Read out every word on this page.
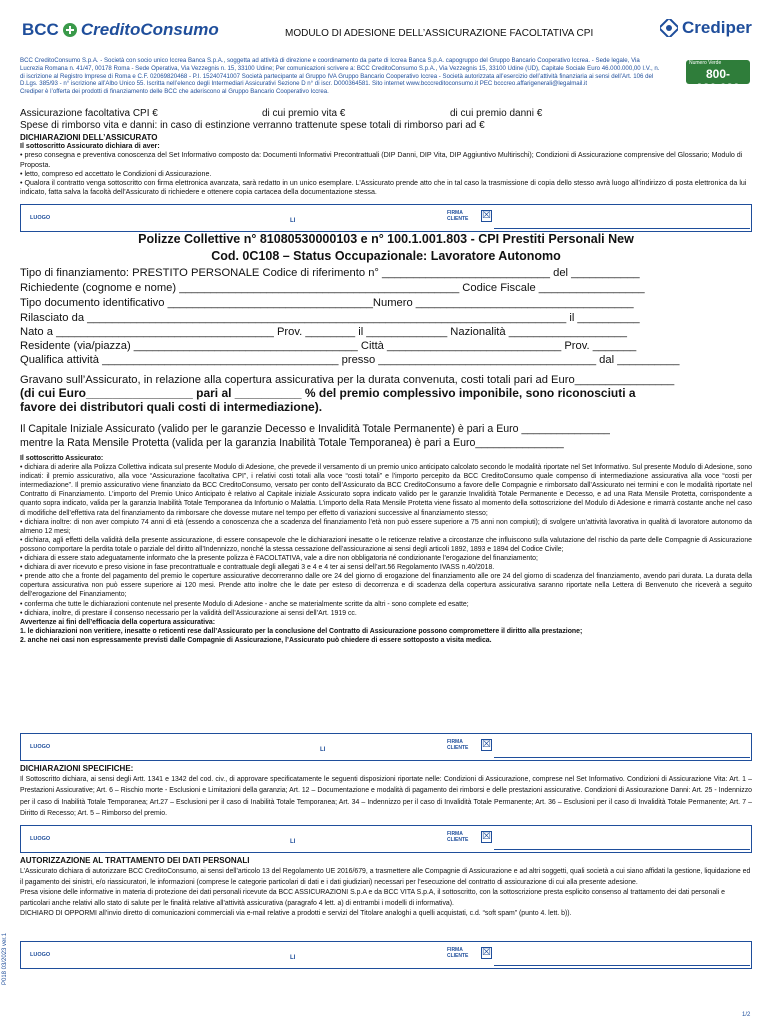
BCC CreditoConsumo	MODULO DI ADESIONE DELL’ASSICURAZIONE FACOLTATIVA CPI	Crediper
Numero Verde
800-990.620
BCC CreditoConsumo S.p.A. - Società con socio unico Iccrea Banca S.p.A., soggetta ad attività di direzione e coordinamento da parte di Iccrea Banca S.p.A. capogruppo del Gruppo Bancario Cooperativo Iccrea. - Sede legale, Via Lucrezia Romana n. 41/47, 00178 Roma - Sede Operativa, Via Vezzegnis n. 15, 33100 Udine; Per comunicazioni scrivere a: BCC CreditoConsumo S.p.A., Via Vezzegnis 15, 33100 Udine (UD), Capitale Sociale Euro 46.000.000,00 I.V., n. di iscrizione al Registro Imprese di Roma e C.F. 02069820468 - P.I. 15240741007 Società partecipante al Gruppo IVA Gruppo Bancario Cooperativo Iccrea - Società autorizzata all’esercizio dell’attività finanziaria ai sensi dell’Art. 106 del D.Lgs. 385/93 - n° iscrizione all’Albo Unico 55. Iscritta nell’elenco degli Intermediari Assicurativi Sezione D n° di iscr. D000364581. Sito internet www.bcccreditoconsumo.it PEC bcccreo.affarigenerali@legalmail.it
Crediper è l’offerta dei prodotti di finanziamento delle BCC che aderiscono al Gruppo Bancario Cooperativo Iccrea.
Assicurazione facoltativa CPI €	di cui premio vita €	di cui premio danni €
Spese di rimborso vita e danni: in caso di estinzione verranno trattenute spese totali di rimborso pari ad €
DICHIARAZIONI DELL’ASSICURATO
Il sottoscritto Assicurato dichiara di aver:
• preso consegna e preventiva conoscenza del Set Informativo composto da: Documenti Informativi Precontrattuali (DIP Danni, DIP Vita, DIP Aggiuntivo Multirischi); Condizioni di Assicurazione comprensive del Glossario; Modulo di Proposta.
• letto, compreso ed accettato le Condizioni di Assicurazione.
• Qualora il contratto venga sottoscritto con firma elettronica avanzata, sarà redatto in un unico esemplare. L’Assicurato prende atto che in tal caso la trasmissione di copia dello stesso avrà luogo all’indirizzo di posta elettronica da lui indicato, fatta salva la facoltà dell’Assicurato di richiedere e ottenere copia cartacea della documentazione stessa.
LUOGO	LI
FIRMA
CLIENTE ☒
Polizze Collettive n° 81080530000103 e n° 100.1.001.803 - CPI Prestiti Personali New
Cod. 0C108 – Status Occupazionale: Lavoratore Autonomo
Tipo di finanziamento: PRESTITO PERSONALE Codice di riferimento n° ___________________________ del ___________
Richiedente (cognome e nome) _____________________________________________ Codice Fiscale _________________
Tipo documento identificativo _________________________________Numero ___________________________________
Rilasciato da _____________________________________________________________________________ il __________
Nato a ___________________________________ Prov. ________ il _____________ Nazionalità ___________________
Residente (via/piazza) ____________________________________ Città ____________________________ Prov. _______
Qualifica attività ______________________________________ presso ___________________________________ dal __________
Gravano sull’Assicurato, in relazione alla copertura assicurativa per la durata convenuta, costi totali pari ad Euro________________
(di cui Euro________________ pari al __________ % del premio complessivo imponibile, sono riconosciuti a
favore dei distributori quali costi di intermediazione).
Il Capitale Iniziale Assicurato (valido per le garanzie Decesso e Invalidità Totale Permanente) è pari a Euro _______________
mentre la Rata Mensile Protetta (valida per la garanzia Inabilità Totale Temporanea) è pari a Euro_______________
Il sottoscritto Assicurato:
• dichiara di aderire alla Polizza Collettiva indicata sul presente Modulo di Adesione, che prevede il versamento di un premio unico anticipato calcolato secondo le modalità riportate nel Set Informativo. Sul presente Modulo di Adesione, sono indicati: il premio assicurativo, alla voce “Assicurazione facoltativa CPI”, i relativi costi totali alla voce “costi totali” e l’importo percepito da BCC CreditoConsumo quale compenso di intermediazione assicurativa alla voce “costi per intermediazione”. Il premio assicurativo viene finanziato da BCC CreditoConsumo, versato per conto dell’Assicurato da BCC CreditoConsumo a favore delle Compagnie e rimborsato dall’Assicurato nei termini e con le modalità riportate nel Contratto di Finanziamento. L’importo del Premio Unico Anticipato è relativo al Capitale iniziale Assicurato sopra indicato valido per le garanzie Invalidità Totale Permanente e Decesso, e ad una Rata Mensile Protetta, corrispondente a quanto sopra indicato, valida per la garanzia Inabilità Totale Temporanea da Infortunio o Malattia. L’importo della Rata Mensile Protetta viene fissato al momento della sottoscrizione del Modulo di Adesione e rimarrà costante anche nel caso di modifiche dell’effettiva rata del finanziamento da rimborsare che dovesse mutare nel tempo per effetto di variazioni successive al finanziamento stesso;
• dichiara inoltre: di non aver compiuto 74 anni di età (essendo a conoscenza che a scadenza del finanziamento l’età non può essere superiore a 75 anni non compiuti); di svolgere un’attività lavorativa in qualità di lavoratore autonomo da almeno 12 mesi;
• dichiara, agli effetti della validità della presente assicurazione, di essere consapevole che le dichiarazioni inesatte o le reticenze relative a circostanze che influiscono sulla valutazione del rischio da parte delle Compagnie di Assicurazione possono comportare la perdita totale o parziale del diritto all’Indennizzo, nonché la stessa cessazione dell’assicurazione ai sensi degli articoli 1892, 1893 e 1894 del Codice Civile;
• dichiara di essere stato adeguatamente informato che la presente polizza è FACOLTATIVA, vale a dire non obbligatoria né condizionante l’erogazione del finanziamento;
• dichiara di aver ricevuto e preso visione in fase precontrattuale e contrattuale degli allegati 3 e 4 e 4 ter ai sensi dell’art.56 Regolamento IVASS n.40/2018.
• prende atto che a fronte del pagamento del premio le coperture assicurative decorreranno dalle ore 24 del giorno di erogazione del finanziamento alle ore 24 del giorno di scadenza del finanziamento, avendo pari durata. La durata della copertura assicurativa non può essere superiore ai 120 mesi. Prende atto inoltre che le date per esteso di decorrenza e di scadenza della copertura assicurativa saranno riportate nella Lettera di Benvenuto che riceverà a seguito dell’erogazione del Finanziamento;
• conferma che tutte le dichiarazioni contenute nel presente Modulo di Adesione - anche se materialmente scritte da altri - sono complete ed esatte;
• dichiara, inoltre, di prestare il consenso necessario per la validità dell’Assicurazione ai sensi dell’Art. 1919 cc.
Avvertenze ai fini dell’efficacia della copertura assicurativa:
1. le dichiarazioni non veritiere, inesatte o reticenti rese dall’Assicurato per la conclusione del Contratto di Assicurazione possono compromettere il diritto alla prestazione;
2. anche nei casi non espressamente previsti dalle Compagnie di Assicurazione, l’Assicurato può chiedere di essere sottoposto a visita medica.
LUOGO	LI
FIRMA
CLIENTE ☒
DICHIARAZIONI SPECIFICHE:
Il Sottoscritto dichiara, ai sensi degli Artt. 1341 e 1342 del cod. civ., di approvare specificatamente le seguenti disposizioni riportate nelle: Condizioni di Assicurazione, comprese nel Set Informativo. Condizioni di Assicurazione Vita: Art. 1 – Prestazioni Assicurative; Art. 6 – Rischio morte - Esclusioni e Limitazioni della garanzia; Art. 12 – Documentazione e modalità di pagamento dei rimborsi e delle prestazioni assicurative. Condizioni di Assicurazione Danni: Art. 25 - Indennizzo per il caso di Inabilità Totale Temporanea; Art.27 – Esclusioni per il caso di Inabilità Totale Temporanea; Art. 34 – Indennizzo per il caso di Invalidità Totale Permanente; Art. 36 – Esclusioni per il caso di Invalidità Totale Permanente; Art. 7 – Diritto di Recesso; Art. 5 – Rimborso del premio.
LUOGO	LI
FIRMA
CLIENTE ☒
AUTORIZZAZIONE AL TRATTAMENTO DEI DATI PERSONALI
L’Assicurato dichiara di autorizzare BCC CreditoConsumo, ai sensi dell’articolo 13 del Regolamento UE 2016/679, a trasmettere alle Compagnie di Assicurazione e ad altri soggetti, quali società a cui siano affidati la gestione, liquidazione ed il pagamento dei sinistri, e/o riassicuratori, le informazioni (comprese le categorie particolari di dati e i dati giudiziari) necessari per l’esecuzione del contratto di assicurazione di cui alla presente adesione.
Presa visione delle informative in materia di protezione dei dati personali ricevute da BCC ASSICURAZIONI S.p.A e da BCC VITA S.p.A, il sottoscritto, con la sottoscrizione presta esplicito consenso al trattamento dei dati personali e particolari anche relativi allo stato di salute per le finalità relative all’attività assicurativa (paragrafo 4 lett. a) di entrambi i modelli di informativa).
DICHIARO DI OPPORMI all’invio diretto di comunicazioni commerciali via e-mail relative a prodotti e servizi del Titolare analoghi a quelli acquistati, c.d. “soft spam” (punto 4. lett. b)).
LUOGO	LI
FIRMA
CLIENTE ☒
P018 03/2023 ver.1
1/2
